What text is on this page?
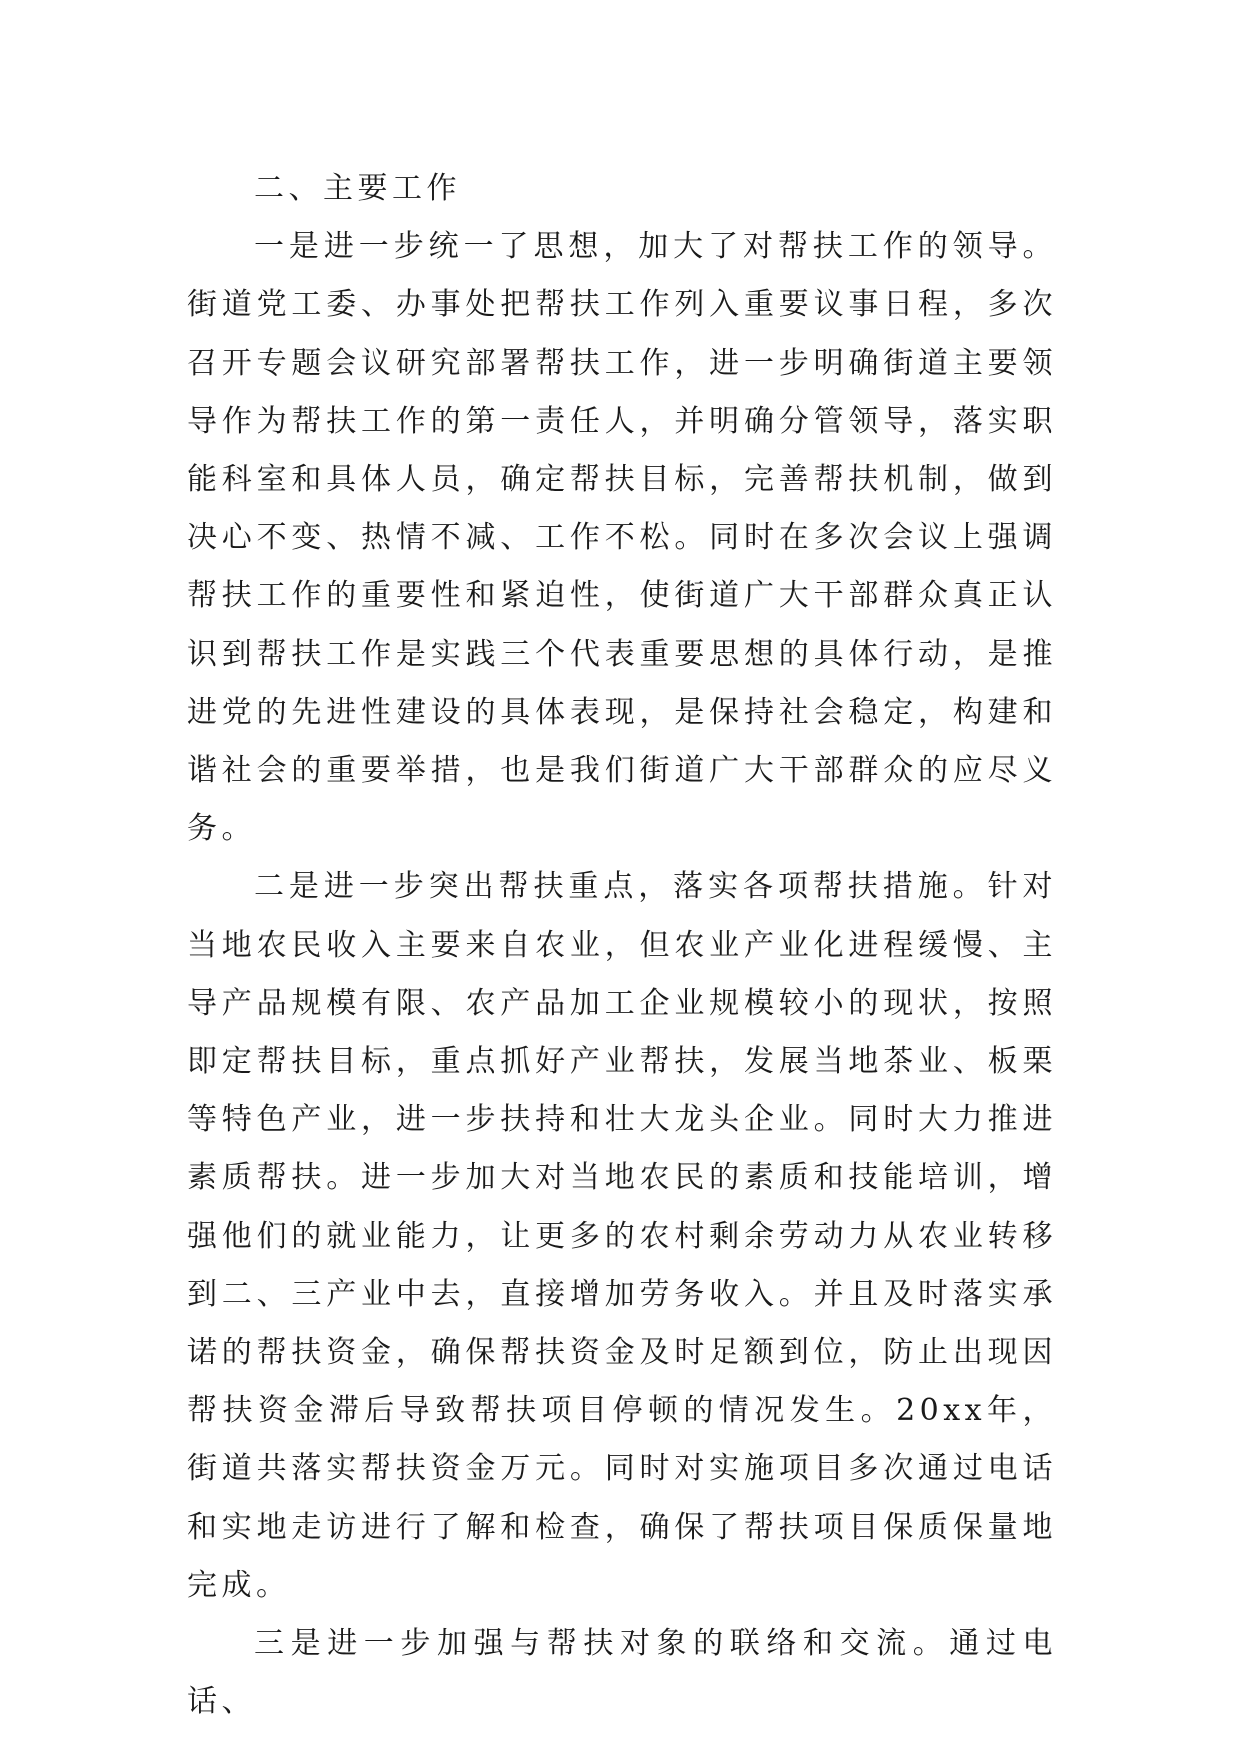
二、主要工作

一是进一步统一了思想，加大了对帮扶工作的领导。街道党工委、办事处把帮扶工作列入重要议事日程，多次召开专题会议研究部署帮扶工作，进一步明确街道主要领导作为帮扶工作的第一责任人，并明确分管领导，落实职能科室和具体人员，确定帮扶目标，完善帮扶机制，做到决心不变、热情不减、工作不松。同时在多次会议上强调帮扶工作的重要性和紧迫性，使街道广大干部群众真正认识到帮扶工作是实践三个代表重要思想的具体行动，是推进党的先进性建设的具体表现，是保持社会稳定，构建和谐社会的重要举措，也是我们街道广大干部群众的应尽义务。

二是进一步突出帮扶重点，落实各项帮扶措施。针对当地农民收入主要来自农业，但农业产业化进程缓慢、主导产品规模有限、农产品加工企业规模较小的现状，按照即定帮扶目标，重点抓好产业帮扶，发展当地茶业、板栗等特色产业，进一步扶持和壮大龙头企业。同时大力推进素质帮扶。进一步加大对当地农民的素质和技能培训，增强他们的就业能力，让更多的农村剩余劳动力从农业转移到二、三产业中去，直接增加劳务收入。并且及时落实承诺的帮扶资金，确保帮扶资金及时足额到位，防止出现因帮扶资金滞后导致帮扶项目停顿的情况发生。20xx年，街道共落实帮扶资金万元。同时对实施项目多次通过电话和实地走访进行了解和检查，确保了帮扶项目保质保量地完成。

三是进一步加强与帮扶对象的联络和交流。通过电话、
